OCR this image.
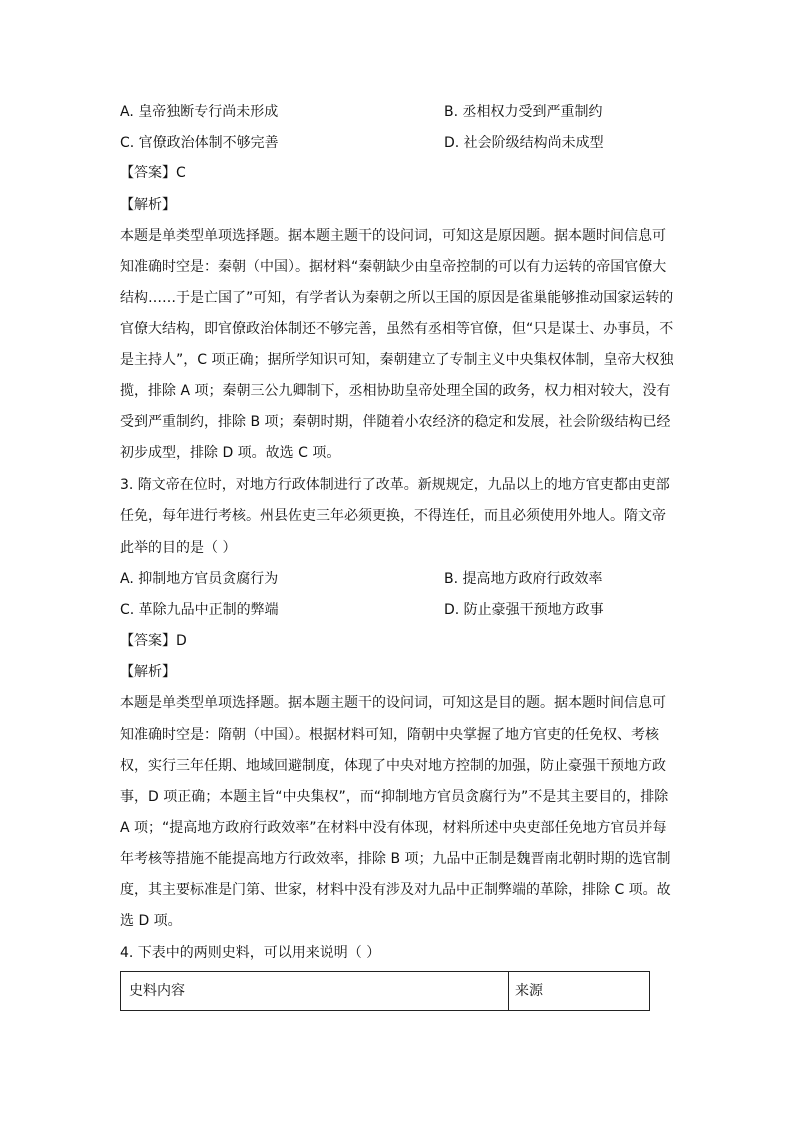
A. 皇帝独断专行尚未形成	B. 丞相权力受到严重制约
C. 官僚政治体制不够完善	D. 社会阶级结构尚未成型
【答案】C
【解析】
本题是单类型单项选择题。据本题主题干的设问词，可知这是原因题。据本题时间信息可
知准确时空是：秦朝（中国）。据材料“秦朝缺少由皇帝控制的可以有力运转的帝国官僚大
结构……于是亡国了”可知，有学者认为秦朝之所以王国的原因是雀巢能够推动国家运转的
官僚大结构，即官僚政治体制还不够完善，虽然有丞相等官僚，但“只是谋士、办事员，不
是主持人”，C 项正确；据所学知识可知，秦朝建立了专制主义中央集权体制，皇帝大权独
揽，排除 A 项；秦朝三公九卿制下，丞相协助皇帝处理全国的政务，权力相对较大，没有
受到严重制约，排除 B 项；秦朝时期，伴随着小农经济的稳定和发展，社会阶级结构已经
初步成型，排除 D 项。故选 C 项。
3. 隋文帝在位时，对地方行政体制进行了改革。新规规定，九品以上的地方官吏都由吏部
任免，每年进行考核。州县佐吏三年必须更换，不得连任，而且必须使用外地人。隋文帝
此举的目的是（ ）
A. 抑制地方官员贪腐行为	B. 提高地方政府行政效率
C. 革除九品中正制的弊端	D. 防止豪强干预地方政事
【答案】D
【解析】
本题是单类型单项选择题。据本题主题干的设问词，可知这是目的题。据本题时间信息可
知准确时空是：隋朝（中国）。根据材料可知，隋朝中央掌握了地方官吏的任免权、考核
权，实行三年任期、地域回避制度，体现了中央对地方控制的加强，防止豪强干预地方政
事，D 项正确；本题主旨“中央集权”，而“抑制地方官员贪腐行为”不是其主要目的，排除
A 项；“提高地方政府行政效率”在材料中没有体现，材料所述中央吏部任免地方官员并每
年考核等措施不能提高地方行政效率，排除 B 项；九品中正制是魏晋南北朝时期的选官制
度，其主要标准是门第、世家，材料中没有涉及对九品中正制弊端的革除，排除 C 项。故
选 D 项。
4. 下表中的两则史料，可以用来说明（ ）
史料内容	来源
